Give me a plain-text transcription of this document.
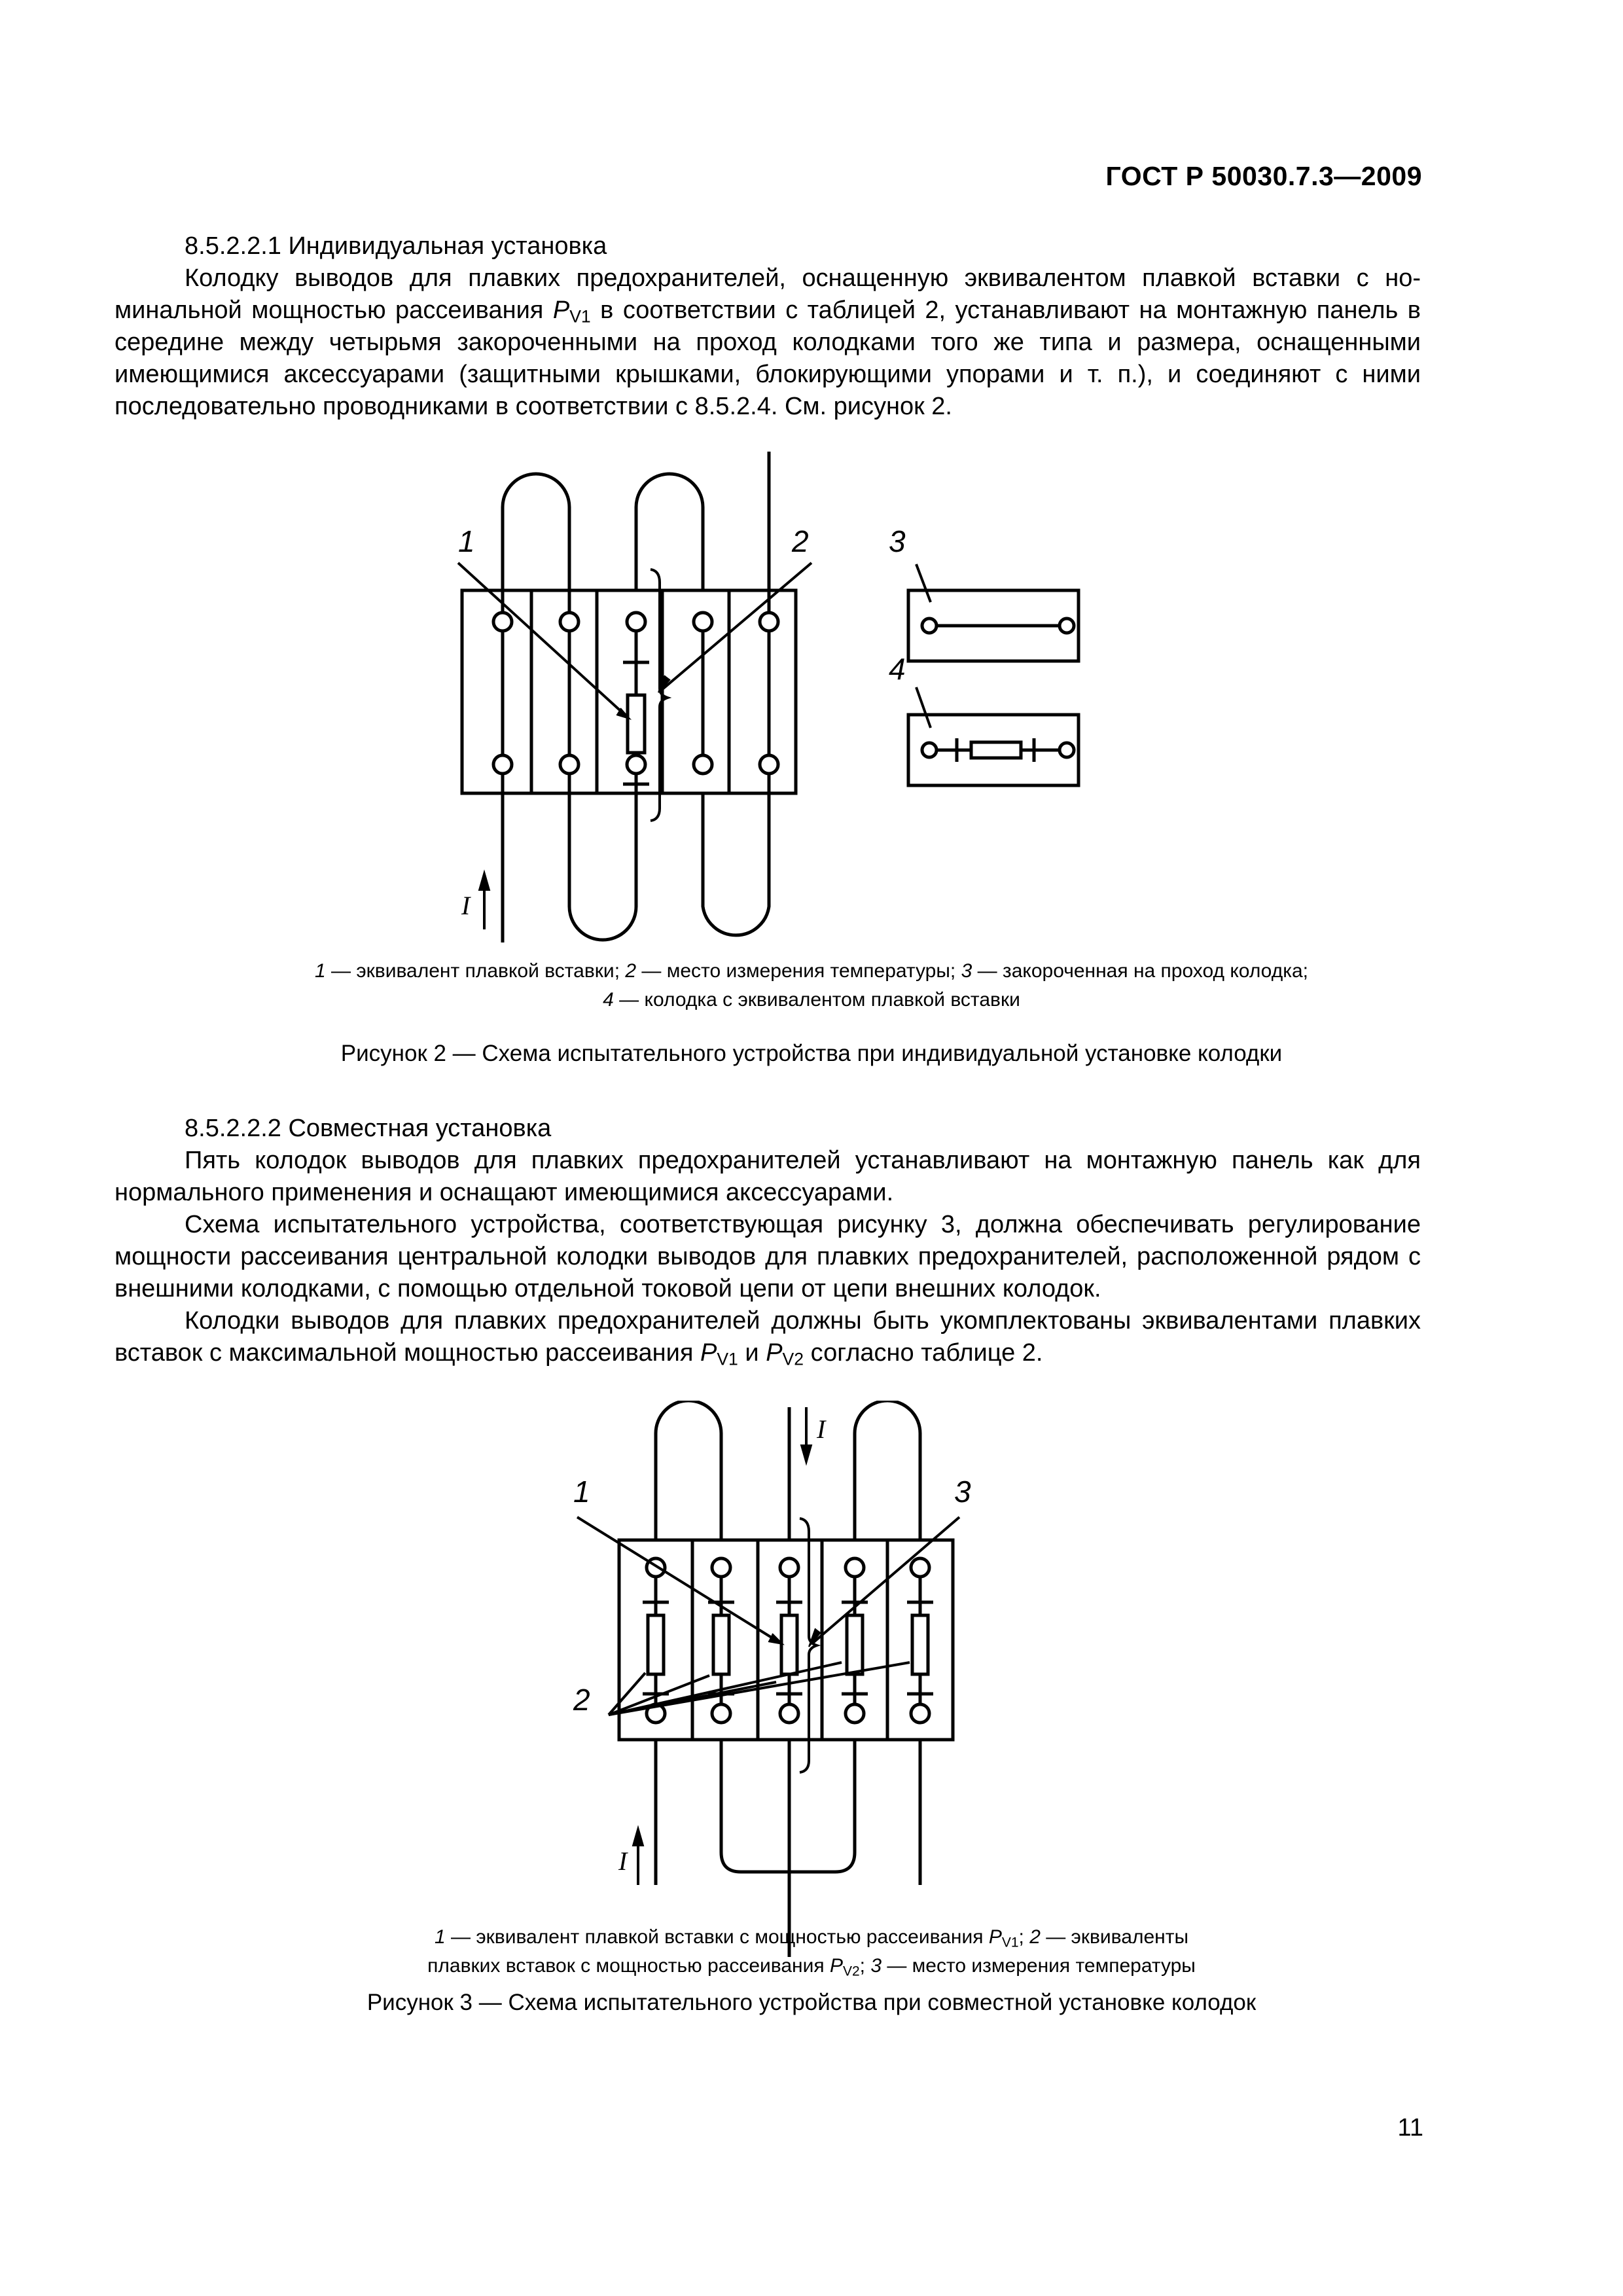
ГОСТ Р 50030.7.3—2009

8.5.2.2.1 Индивидуальная установка

Колодку выводов для плавких предохранителей, оснащенную эквивалентом плавкой вставки с номинальной мощностью рассеивания $P_{V1}$ в соответствии с таблицей 2, устанавливают на монтажную панель в середине между четырьмя закороченными на проход колодками того же типа и размера, оснащенными имеющимися аксессуарами (защитными крышками, блокирующими упорами и т. п.), и соединяют с ними последовательно проводниками в соответствии с 8.5.2.4. См. рисунок 2.

1	2	3
4
I
1 — эквивалент плавкой вставки; 2 — место измерения температуры; 3 — закороченная на проход колодка;
4 — колодка с эквивалентом плавкой вставки
Рисунок 2 — Схема испытательного устройства при индивидуальной установке колодки

8.5.2.2.2 Совместная установка

Пять колодок выводов для плавких предохранителей устанавливают на монтажную панель как для нормального применения и оснащают имеющимися аксессуарами.

Схема испытательного устройства, соответствующая рисунку 3, должна обеспечивать регулирование мощности рассеивания центральной колодки выводов для плавких предохранителей, расположенной рядом с внешними колодками, с помощью отдельной токовой цепи от цепи внешних колодок.

Колодки выводов для плавких предохранителей должны быть укомплектованы эквивалентами плавких вставок с максимальной мощностью рассеивания $P_{V1}$ и $P_{V2}$ согласно таблице 2.

1
2
3
I
I
1 — эквивалент плавкой вставки с мощностью рассеивания $P_{V1}$; 2 — эквиваленты
плавких вставок с мощностью рассеивания $P_{V2}$; 3 — место измерения температуры
Рисунок 3 — Схема испытательного устройства при совместной установке колодок
11
